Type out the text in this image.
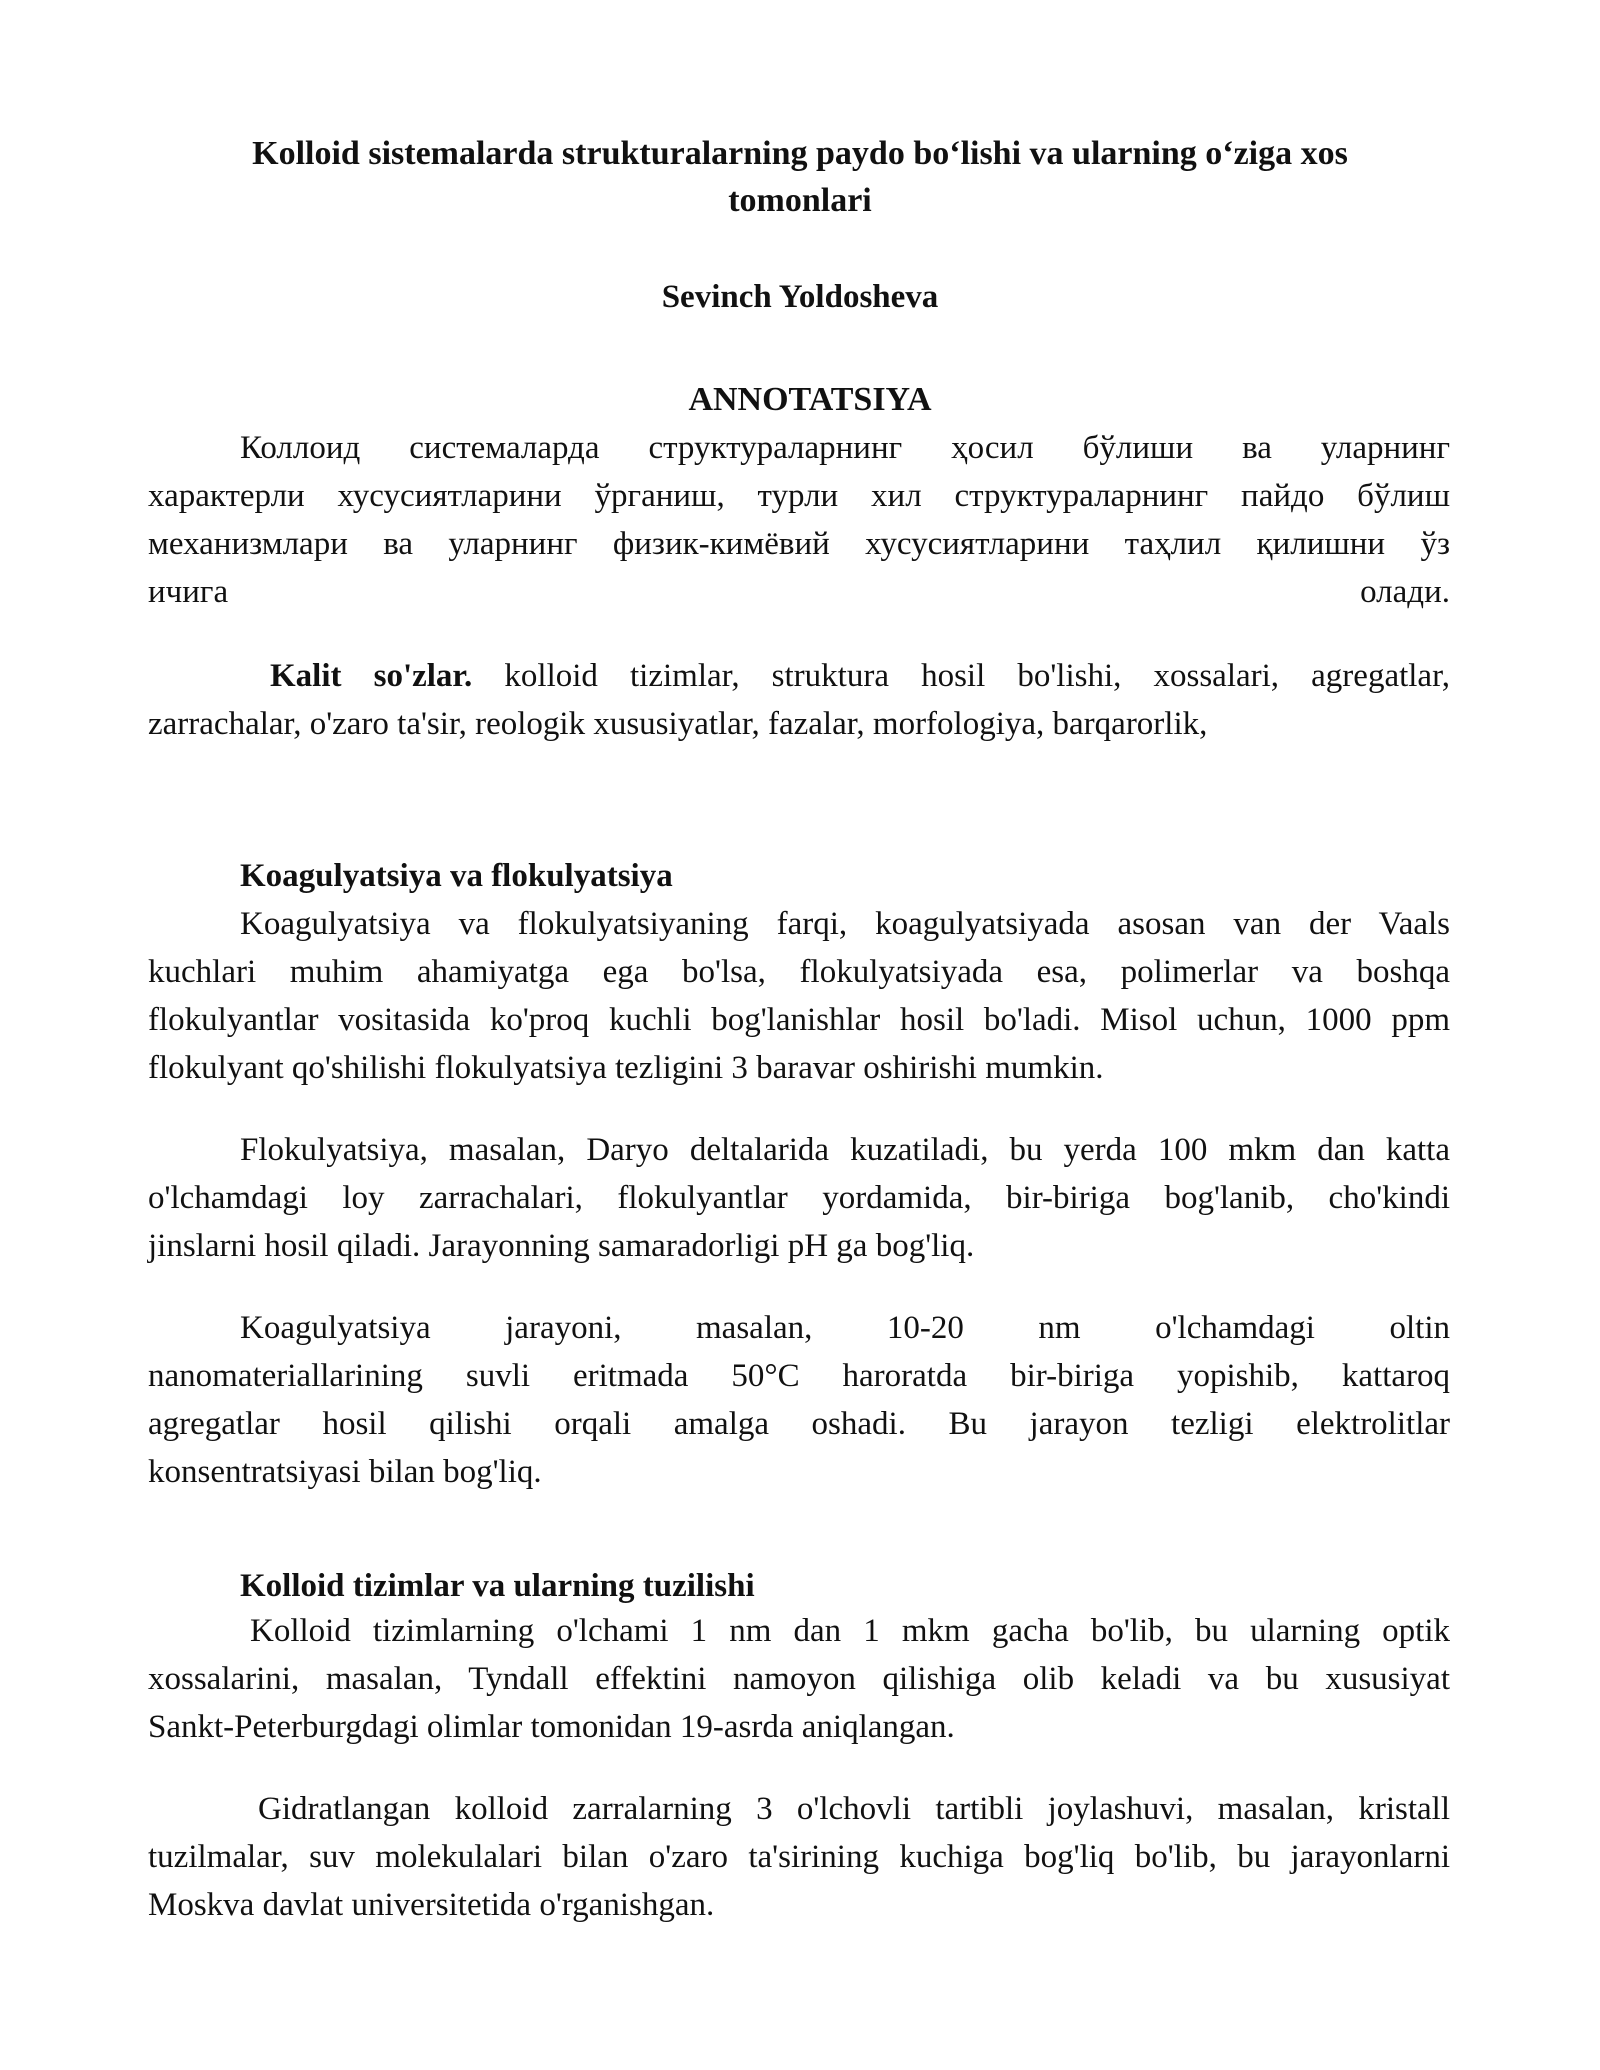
Kolloid sistemalarda strukturalarning paydo bo‘lishi va ularning o‘ziga xos
tomonlari
Sevinch Yoldosheva
ANNOTATSIYA
Коллоид системаларда структураларнинг ҳосил бўлиши ва уларнинг
характерли хусусиятларини ўрганиш, турли хил структураларнинг пайдо бўлиш
механизмлари ва уларнинг физик-кимёвий хусусиятларини таҳлил қилишни ўз
ичига	олади.
Kalit so'zlar. kolloid tizimlar, struktura hosil bo'lishi, xossalari, agregatlar,
zarrachalar, o'zaro ta'sir, reologik xususiyatlar, fazalar, morfologiya, barqarorlik,
Koagulyatsiya va flokulyatsiya
Koagulyatsiya va flokulyatsiyaning farqi, koagulyatsiyada asosan van der Vaals
kuchlari muhim ahamiyatga ega bo'lsa, flokulyatsiyada esa, polimerlar va boshqa
flokulyantlar vositasida ko'proq kuchli bog'lanishlar hosil bo'ladi. Misol uchun, 1000 ppm
flokulyant qo'shilishi flokulyatsiya tezligini 3 baravar oshirishi mumkin.
Flokulyatsiya, masalan, Daryo deltalarida kuzatiladi, bu yerda 100 mkm dan katta
o'lchamdagi loy zarrachalari, flokulyantlar yordamida, bir-biriga bog'lanib, cho'kindi
jinslarni hosil qiladi. Jarayonning samaradorligi pH ga bog'liq.
Koagulyatsiya jarayoni, masalan, 10-20 nm o'lchamdagi oltin
nanomateriallarining suvli eritmada 50°C haroratda bir-biriga yopishib, kattaroq
agregatlar hosil qilishi orqali amalga oshadi. Bu jarayon tezligi elektrolitlar
konsentratsiyasi bilan bog'liq.
Kolloid tizimlar va ularning tuzilishi
Kolloid tizimlarning o'lchami 1 nm dan 1 mkm gacha bo'lib, bu ularning optik
xossalarini, masalan, Tyndall effektini namoyon qilishiga olib keladi va bu xususiyat
Sankt-Peterburgdagi olimlar tomonidan 19-asrda aniqlangan.
Gidratlangan kolloid zarralarning 3 o'lchovli tartibli joylashuvi, masalan, kristall
tuzilmalar, suv molekulalari bilan o'zaro ta'sirining kuchiga bog'liq bo'lib, bu jarayonlarni
Moskva davlat universitetida o'rganishgan.
